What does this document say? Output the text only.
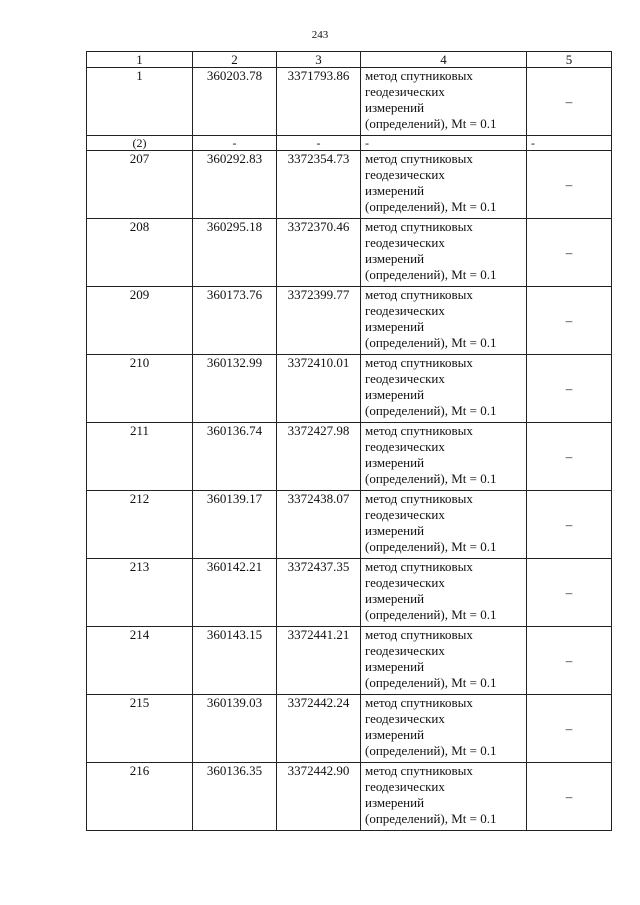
243
1	2	3	4	5
1	360203.78	3371793.86	метод спутниковых
геодезических
измерений
(определений), Mt = 0.1	–
(2)	-	-	-	-
207	360292.83	3372354.73	метод спутниковых
геодезических
измерений
(определений), Mt = 0.1	–
208	360295.18	3372370.46	метод спутниковых
геодезических
измерений
(определений), Mt = 0.1	–
209	360173.76	3372399.77	метод спутниковых
геодезических
измерений
(определений), Mt = 0.1	–
210	360132.99	3372410.01	метод спутниковых
геодезических
измерений
(определений), Mt = 0.1	–
211	360136.74	3372427.98	метод спутниковых
геодезических
измерений
(определений), Mt = 0.1	–
212	360139.17	3372438.07	метод спутниковых
геодезических
измерений
(определений), Mt = 0.1	–
213	360142.21	3372437.35	метод спутниковых
геодезических
измерений
(определений), Mt = 0.1	–
214	360143.15	3372441.21	метод спутниковых
геодезических
измерений
(определений), Mt = 0.1	–
215	360139.03	3372442.24	метод спутниковых
геодезических
измерений
(определений), Mt = 0.1	–
216	360136.35	3372442.90	метод спутниковых
геодезических
измерений
(определений), Mt = 0.1	–
